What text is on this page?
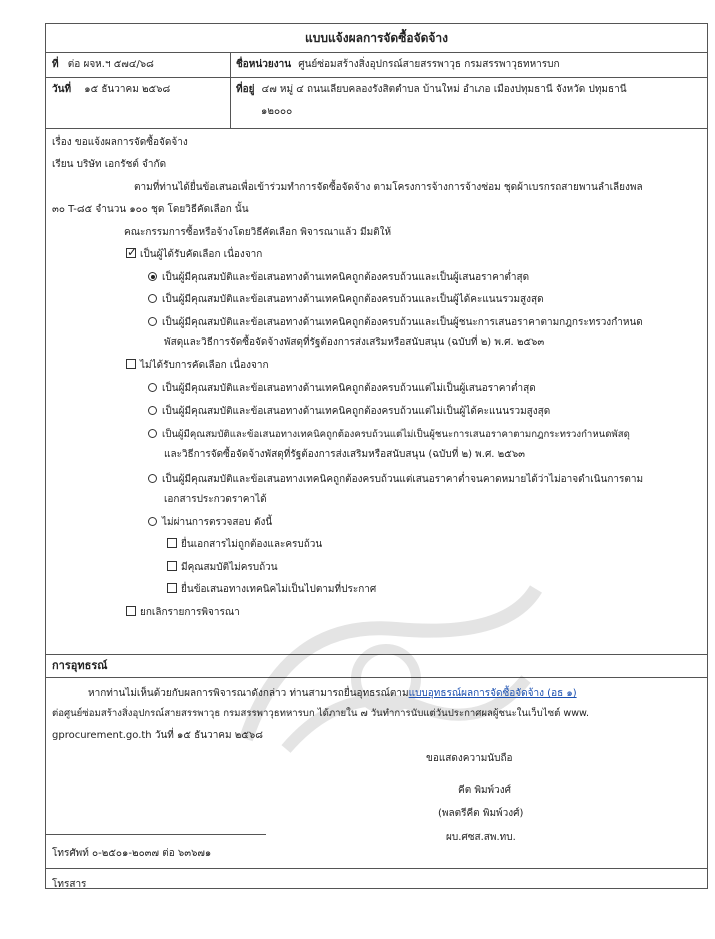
แบบแจ้งผลการจัดซื้อจัดจ้าง
ที่ ต่อ ผจห.ฯ ๕๗๔/๖๘
วันที่ ๑๕ ธันวาคม ๒๕๖๘
ชื่อหน่วยงาน ศูนย์ซ่อมสร้างสิ่งอุปกรณ์สายสรรพาวุธ กรมสรรพาวุธทหารบก
ที่อยู่ ๔๗ หมู่ ๔ ถนนเลียบคลองรังสิตตำบล บ้านใหม่ อำเภอ เมืองปทุมธานี จังหวัด ปทุมธานี
๑๒๐๐๐
เรื่อง ขอแจ้งผลการจัดซื้อจัดจ้าง
เรียน บริษัท เอกรัชต์ จำกัด
ตามที่ท่านได้ยื่นข้อเสนอเพื่อเข้าร่วมทำการจัดซื้อจัดจ้าง ตามโครงการจ้างการจ้างซ่อม ชุดผ้าเบรกรถสายพานลำเลียงพล
๓๐ T-๘๕ จำนวน ๑๐๐ ชุด โดยวิธีคัดเลือก นั้น
คณะกรรมการซื้อหรือจ้างโดยวิธีคัดเลือก พิจารณาแล้ว มีมติให้
✓เป็นผู้ได้รับคัดเลือก เนื่องจาก
เป็นผู้มีคุณสมบัติและข้อเสนอทางด้านเทคนิคถูกต้องครบถ้วนและเป็นผู้เสนอราคาต่ำสุด
เป็นผู้มีคุณสมบัติและข้อเสนอทางด้านเทคนิคถูกต้องครบถ้วนและเป็นผู้ได้คะแนนรวมสูงสุด
เป็นผู้มีคุณสมบัติและข้อเสนอทางด้านเทคนิคถูกต้องครบถ้วนและเป็นผู้ชนะการเสนอราคาตามกฎกระทรวงกำหนด
พัสดุและวิธีการจัดซื้อจัดจ้างพัสดุที่รัฐต้องการส่งเสริมหรือสนับสนุน (ฉบับที่ ๒) พ.ศ. ๒๕๖๓
ไม่ได้รับการคัดเลือก เนื่องจาก
เป็นผู้มีคุณสมบัติและข้อเสนอทางด้านเทคนิคถูกต้องครบถ้วนแต่ไม่เป็นผู้เสนอราคาต่ำสุด
เป็นผู้มีคุณสมบัติและข้อเสนอทางด้านเทคนิคถูกต้องครบถ้วนแต่ไม่เป็นผู้ได้คะแนนรวมสูงสุด
เป็นผู้มีคุณสมบัติและข้อเสนอทางเทคนิคถูกต้องครบถ้วนแต่ไม่เป็นผู้ชนะการเสนอราคาตามกฎกระทรวงกำหนดพัสดุ
และวิธีการจัดซื้อจัดจ้างพัสดุที่รัฐต้องการส่งเสริมหรือสนับสนุน (ฉบับที่ ๒) พ.ศ. ๒๕๖๓
เป็นผู้มีคุณสมบัติและข้อเสนอทางเทคนิคถูกต้องครบถ้วนแต่เสนอราคาต่ำจนคาดหมายได้ว่าไม่อาจดำเนินการตาม
เอกสารประกวดราคาได้
ไม่ผ่านการตรวจสอบ ดังนี้
ยื่นเอกสารไม่ถูกต้องและครบถ้วน
มีคุณสมบัติไม่ครบถ้วน
ยื่นข้อเสนอทางเทคนิคไม่เป็นไปตามที่ประกาศ
ยกเลิกรายการพิจารณา
การอุทธรณ์
หากท่านไม่เห็นด้วยกับผลการพิจารณาดังกล่าว ท่านสามารถยื่นอุทธรณ์ตามแบบอุทธรณ์ผลการจัดซื้อจัดจ้าง (อธ ๑)
ต่อศูนย์ซ่อมสร้างสิ่งอุปกรณ์สายสรรพาวุธ กรมสรรพาวุธทหารบก ได้ภายใน ๗ วันทำการนับแต่วันประกาศผลผู้ชนะในเว็บไซต์ www.
gprocurement.go.th วันที่ ๑๕ ธันวาคม ๒๕๖๘
ขอแสดงความนับถือ
คีต พิมพ์วงศ์
(พลตรีคีต พิมพ์วงศ์)
ผบ.ศซส.สพ.ทบ.
โทรศัพท์ ๐-๒๕๐๑-๒๐๓๗ ต่อ ๖๓๖๗๑
โทรสาร
